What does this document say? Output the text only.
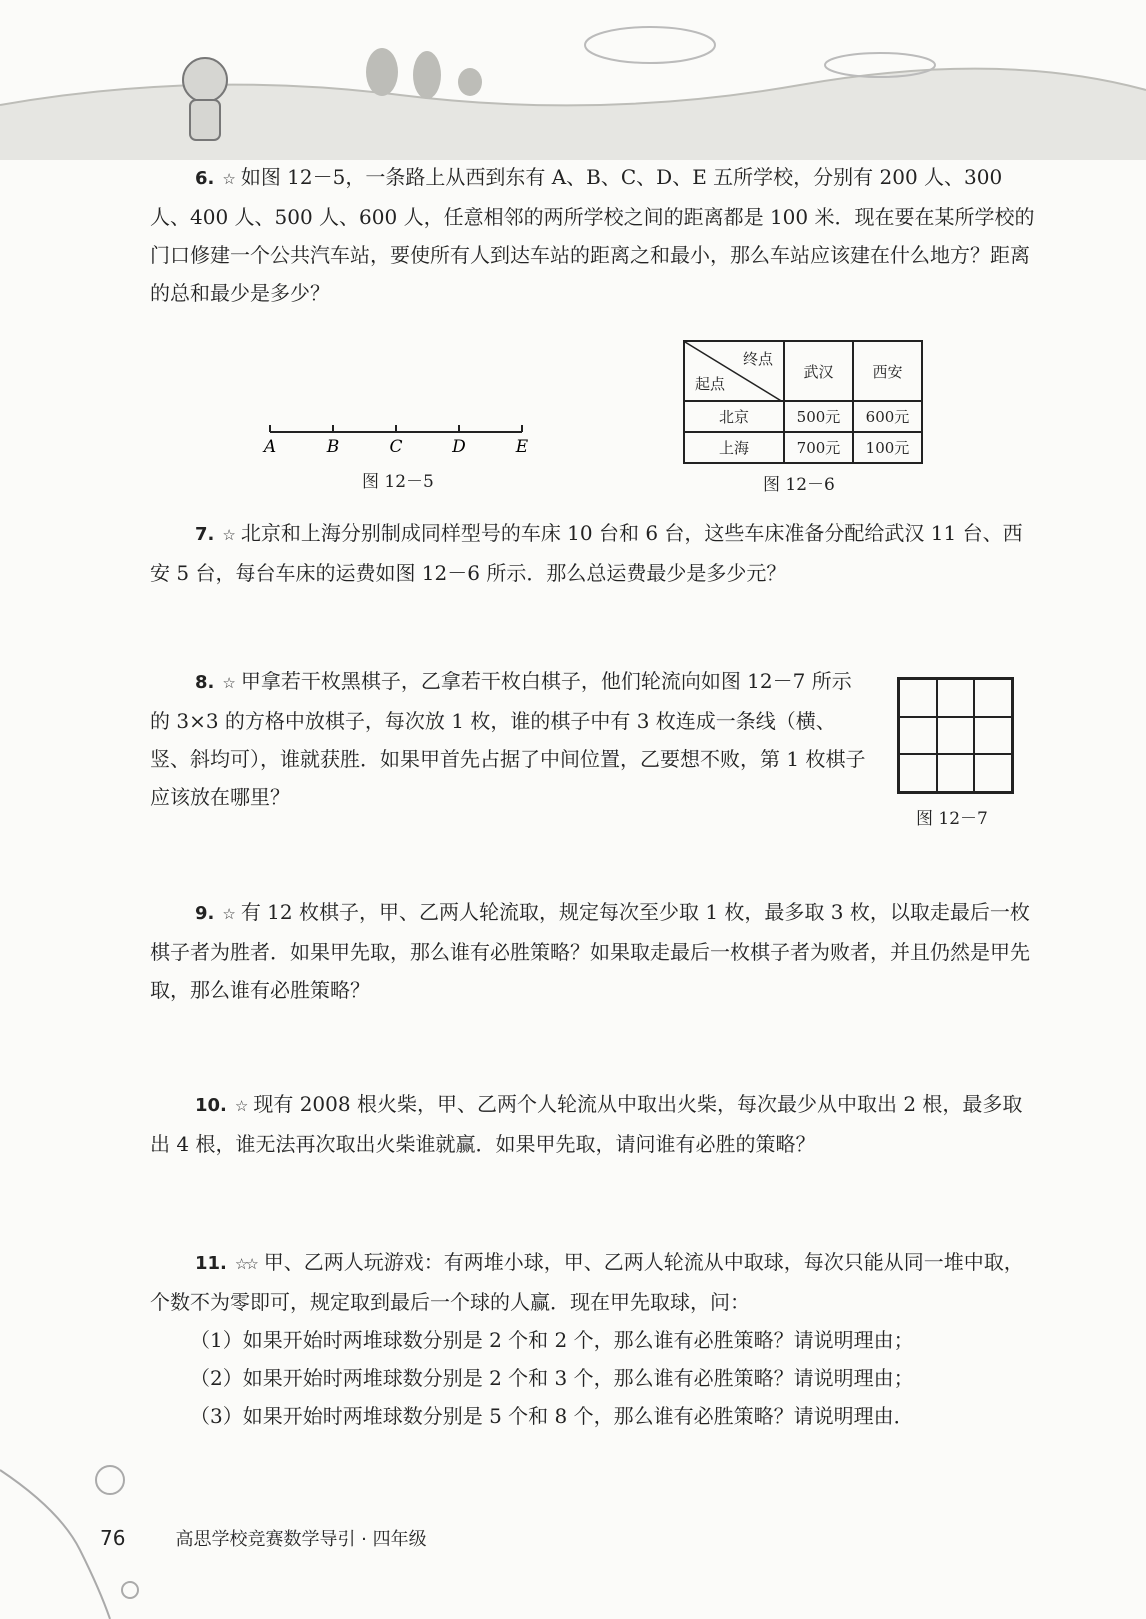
6. ☆ 如图 12－5，一条路上从西到东有 A、B、C、D、E 五所学校，分别有 200 人、300 人、400 人、500 人、600 人，任意相邻的两所学校之间的距离都是 100 米．现在要在某所学校的门口修建一个公共汽车站，要使所有人到达车站的距离之和最小，那么车站应该建在什么地方？距离的总和最少是多少？
A	B	C	D	E
图 12－5
终点
起点	武汉	西安
北京	500元	600元
上海	700元	100元
图 12－6
7. ☆ 北京和上海分别制成同样型号的车床 10 台和 6 台，这些车床准备分配给武汉 11 台、西安 5 台，每台车床的运费如图 12－6 所示．那么总运费最少是多少元？
8. ☆ 甲拿若干枚黑棋子，乙拿若干枚白棋子，他们轮流向如图 12－7 所示的 3×3 的方格中放棋子，每次放 1 枚，谁的棋子中有 3 枚连成一条线（横、竖、斜均可），谁就获胜．如果甲首先占据了中间位置，乙要想不败，第 1 枚棋子应该放在哪里？
图 12－7
9. ☆ 有 12 枚棋子，甲、乙两人轮流取，规定每次至少取 1 枚，最多取 3 枚，以取走最后一枚棋子者为胜者．如果甲先取，那么谁有必胜策略？如果取走最后一枚棋子者为败者，并且仍然是甲先取，那么谁有必胜策略？
10. ☆ 现有 2008 根火柴，甲、乙两个人轮流从中取出火柴，每次最少从中取出 2 根，最多取出 4 根，谁无法再次取出火柴谁就赢．如果甲先取，请问谁有必胜的策略？
11. ☆☆ 甲、乙两人玩游戏：有两堆小球，甲、乙两人轮流从中取球，每次只能从同一堆中取，个数不为零即可，规定取到最后一个球的人赢．现在甲先取球，问：
（1）如果开始时两堆球数分别是 2 个和 2 个，那么谁有必胜策略？请说明理由；
（2）如果开始时两堆球数分别是 2 个和 3 个，那么谁有必胜策略？请说明理由；
（3）如果开始时两堆球数分别是 5 个和 8 个，那么谁有必胜策略？请说明理由．
76	高思学校竞赛数学导引 · 四年级
